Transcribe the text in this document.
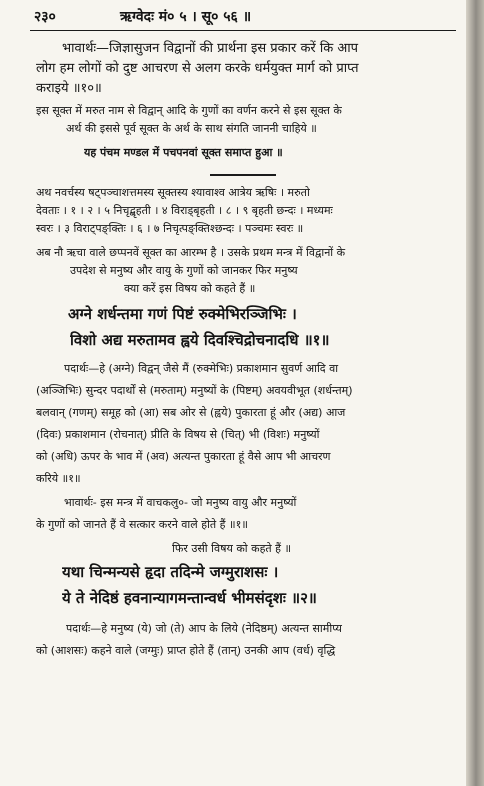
२३०	ऋग्वेदः मं० ५ । सू० ५६ ॥
भावार्थः—जिज्ञासुजन विद्वानों की प्रार्थना इस प्रकार करें कि आप
लोग हम लोगों को दुष्ट आचरण से अलग करके धर्मयुक्त मार्ग को प्राप्त
कराइये ॥१०॥
इस सूक्त में मरुत नाम से विद्वान् आदि के गुणों का वर्णन करने से इस सूक्त के
अर्थ की इससे पूर्व सूक्त के अर्थ के साथ संगति जाननी चाहिये ॥
यह पंचम मण्डल में पचपनवां सूक्त समाप्त हुआ ॥
अथ नवर्चस्य षट्पञ्चाशत्तमस्य सूक्तस्य श्यावाश्व आत्रेय ऋषिः । मरुतो
देवताः । १ । २ । ५ निचृद्बृहती । ४ विराड्बृहती । ८ । ९ बृहती छन्दः । मध्यमः
स्वरः । ३ विराट्पङ्क्तिः । ६ । ७ निचृत्पङ्क्तिश्छन्दः । पञ्चमः स्वरः ॥
अब नौ ऋचा वाले छप्पनवें सूक्त का आरम्भ है । उसके प्रथम मन्त्र में विद्वानों के
उपदेश से मनुष्य और वायु के गुणों को जानकर फिर मनुष्य
क्या करें इस विषय को कहते हैं ॥
अग्ने शर्धन्तमा गणं पिष्टं रुक्मेभिरञ्जिभिः ।
विशो अद्य मरुतामव ह्वये दिवश्चिद्रोचनादधि ॥१॥
पदार्थः—हे (अग्ने) विद्वन् जैसे मैं (रुक्मेभिः) प्रकाशमान सुवर्ण आदि वा
(अञ्जिभिः) सुन्दर पदार्थों से (मरुताम्) मनुष्यों के (पिष्टम्) अवयवीभूत (शर्धन्तम्)
बलवान् (गणम्) समूह को (आ) सब ओर से (ह्वये) पुकारता हूं और (अद्य) आज
(दिवः) प्रकाशमान (रोचनात्) प्रीति के विषय से (चित्) भी (विशः) मनुष्यों
को (अधि) ऊपर के भाव में (अव) अत्यन्त पुकारता हूं वैसे आप भी आचरण
करिये ॥१॥
भावार्थः- इस मन्त्र में वाचकलु०- जो मनुष्य वायु और मनुष्यों
के गुणों को जानते हैं वे सत्कार करने वाले होते हैं ॥१॥
फिर उसी विषय को कहते हैं ॥
यथा चिन्मन्यसे हृदा तदिन्मे जग्मुराशसः ।
ये ते नेदिष्ठं हवनान्यागमन्तान्वर्ध भीमसंदृशः ॥२॥
पदार्थः—हे मनुष्य (ये) जो (ते) आप के लिये (नेदिष्ठम्) अत्यन्त सामीप्य
को (आशसः) कहने वाले (जग्मुः) प्राप्त होते हैं (तान्) उनकी आप (वर्ध) वृद्धि
